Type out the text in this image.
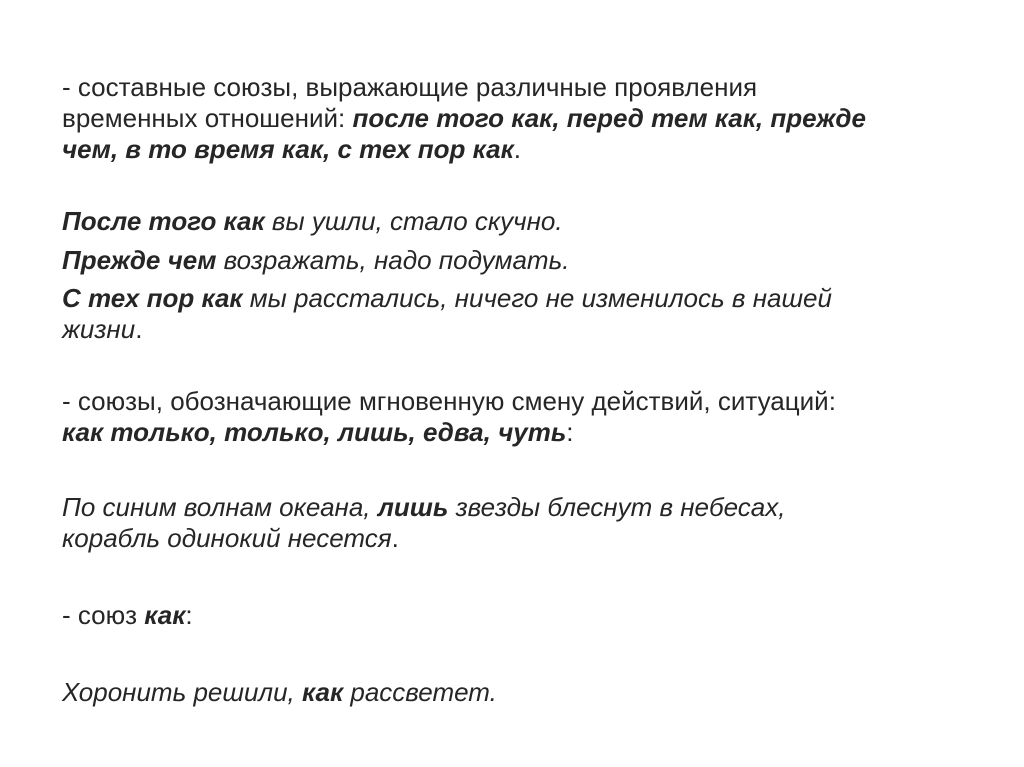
- составные союзы, выражающие различные проявления
временных отношений: после того как, перед тем как, прежде
чем, в то время как, с тех пор как.
После того как вы ушли, стало скучно.
Прежде чем возражать, надо подумать.
С тех пор как мы расстались, ничего не изменилось в нашей
жизни.
- союзы, обозначающие мгновенную смену действий, ситуаций:
как только, только, лишь, едва, чуть:
По синим волнам океана, лишь звезды блеснут в небесах,
корабль одинокий несется.
- союз как:
Хоронить решили, как рассветет.
